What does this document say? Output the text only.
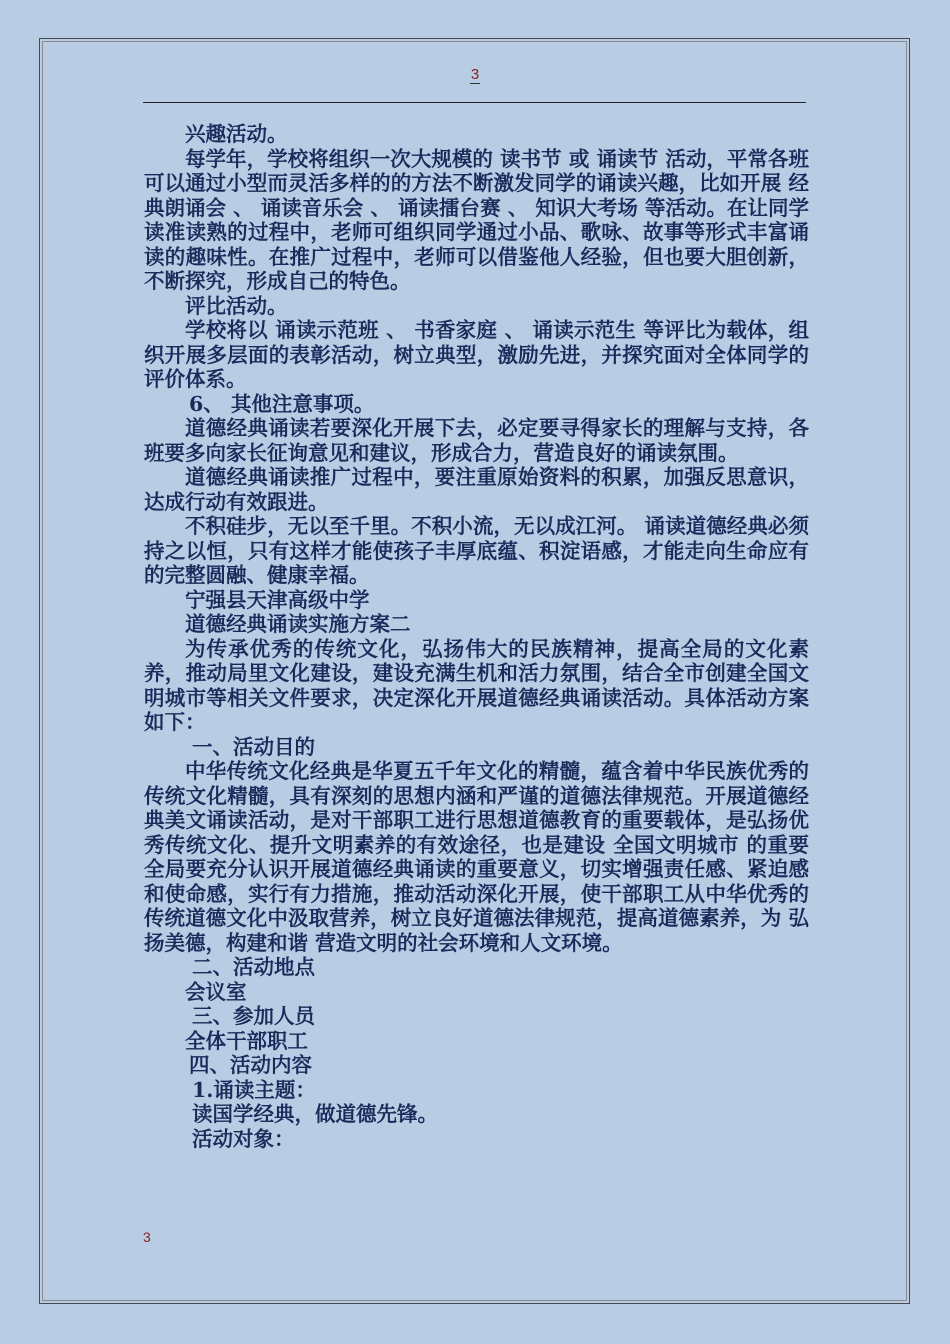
3

兴趣活动。

每学年，学校将组织一次大规模的 读书节 或 诵读节 活动，平常各班可以通过小型而灵活多样的的方法不断激发同学的诵读兴趣，比如开展 经典朗诵会 、 诵读音乐会 、 诵读擂台赛 、 知识大考场 等活动。在让同学读准读熟的过程中，老师可组织同学通过小品、歌咏、故事等形式丰富诵读的趣味性。在推广过程中，老师可以借鉴他人经验，但也要大胆创新，不断探究，形成自己的特色。

评比活动。

学校将以 诵读示范班 、 书香家庭 、 诵读示范生 等评比为载体，组织开展多层面的表彰活动，树立典型，激励先进，并探究面对全体同学的评价体系。

6、 其他注意事项。

道德经典诵读若要深化开展下去，必定要寻得家长的理解与支持，各班要多向家长征询意见和建议，形成合力，营造良好的诵读氛围。

道德经典诵读推广过程中，要注重原始资料的积累，加强反思意识，达成行动有效跟进。

不积硅步，无以至千里。不积小流，无以成江河。 诵读道德经典必须持之以恒，只有这样才能使孩子丰厚底蕴、积淀语感，才能走向生命应有的完整圆融、健康幸福。

宁强县天津高级中学

道德经典诵读实施方案二

为传承优秀的传统文化，弘扬伟大的民族精神，提高全局的文化素养，推动局里文化建设，建设充满生机和活力氛围，结合全市创建全国文明城市等相关文件要求，决定深化开展道德经典诵读活动。具体活动方案如下：

一、活动目的

中华传统文化经典是华夏五千年文化的精髓，蕴含着中华民族优秀的传统文化精髓，具有深刻的思想内涵和严谨的道德法律规范。开展道德经典美文诵读活动，是对干部职工进行思想道德教育的重要载体，是弘扬优秀传统文化、提升文明素养的有效途径，也是建设 全国文明城市 的重要全局要充分认识开展道德经典诵读的重要意义，切实增强责任感、紧迫感和使命感，实行有力措施，推动活动深化开展，使干部职工从中华优秀的传统道德文化中汲取营养，树立良好道德法律规范，提高道德素养，为 弘扬美德，构建和谐 营造文明的社会环境和人文环境。

二、活动地点

会议室

三、参加人员

全体干部职工

四、活动内容

1.诵读主题：

读国学经典，做道德先锋。

活动对象：

3
